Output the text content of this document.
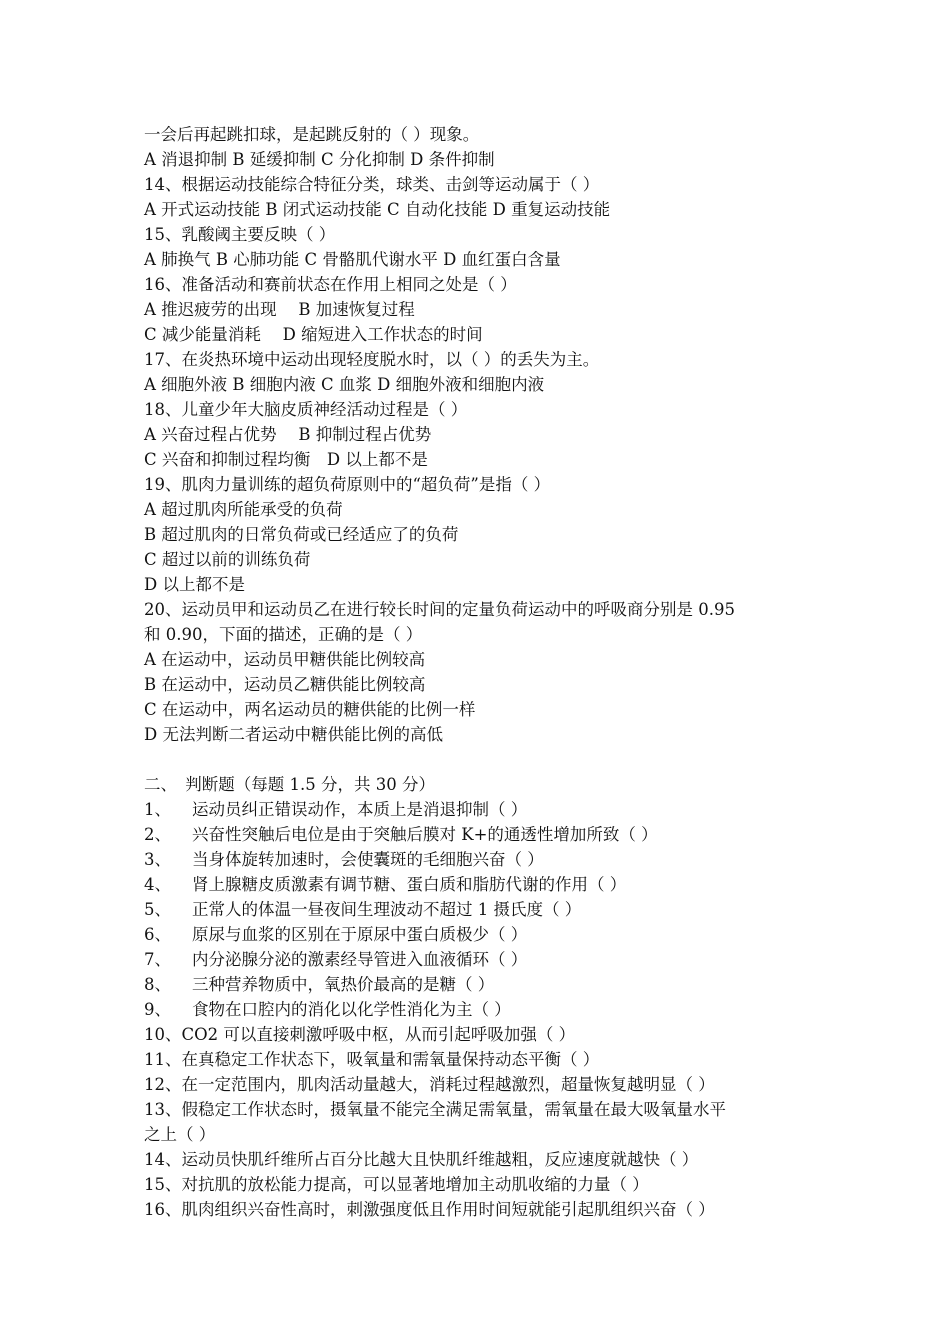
一会后再起跳扣球，是起跳反射的（ ）现象。
A 消退抑制 B 延缓抑制 C 分化抑制 D 条件抑制
14、根据运动技能综合特征分类，球类、击剑等运动属于（ ）
A 开式运动技能 B 闭式运动技能 C 自动化技能 D 重复运动技能
15、乳酸阈主要反映（ ）
A 肺换气 B 心肺功能 C 骨骼肌代谢水平 D 血红蛋白含量
16、准备活动和赛前状态在作用上相同之处是（ ）
A 推迟疲劳的出现　 B 加速恢复过程
C 减少能量消耗　 D 缩短进入工作状态的时间
17、在炎热环境中运动出现轻度脱水时，以（ ）的丢失为主。
A 细胞外液 B 细胞内液 C 血浆 D 细胞外液和细胞内液
18、儿童少年大脑皮质神经活动过程是（ ）
A 兴奋过程占优势　 B 抑制过程占优势
C 兴奋和抑制过程均衡　D 以上都不是
19、肌肉力量训练的超负荷原则中的“超负荷”是指（ ）
A 超过肌肉所能承受的负荷
B 超过肌肉的日常负荷或已经适应了的负荷
C 超过以前的训练负荷
D 以上都不是
20、运动员甲和运动员乙在进行较长时间的定量负荷运动中的呼吸商分别是 0.95
和 0.90，下面的描述，正确的是（ ）
A 在运动中，运动员甲糖供能比例较高
B 在运动中，运动员乙糖供能比例较高
C 在运动中，两名运动员的糖供能的比例一样
D 无法判断二者运动中糖供能比例的高低
二、　判断题（每题 1.5 分，共 30 分）
1、 运动员纠正错误动作，本质上是消退抑制（ ）
2、 兴奋性突触后电位是由于突触后膜对 K+的通透性增加所致（ ）
3、 当身体旋转加速时，会使囊斑的毛细胞兴奋（ ）
4、 肾上腺糖皮质激素有调节糖、蛋白质和脂肪代谢的作用（ ）
5、 正常人的体温一昼夜间生理波动不超过 1 摄氏度（ ）
6、 原尿与血浆的区别在于原尿中蛋白质极少（ ）
7、 内分泌腺分泌的激素经导管进入血液循环（ ）
8、 三种营养物质中，氧热价最高的是糖（ ）
9、 食物在口腔内的消化以化学性消化为主（ ）
10、CO2 可以直接刺激呼吸中枢，从而引起呼吸加强（ ）
11、在真稳定工作状态下，吸氧量和需氧量保持动态平衡（ ）
12、在一定范围内，肌肉活动量越大，消耗过程越激烈，超量恢复越明显（ ）
13、假稳定工作状态时，摄氧量不能完全满足需氧量，需氧量在最大吸氧量水平
之上（ ）
14、运动员快肌纤维所占百分比越大且快肌纤维越粗，反应速度就越快（ ）
15、对抗肌的放松能力提高，可以显著地增加主动肌收缩的力量（ ）
16、肌肉组织兴奋性高时，刺激强度低且作用时间短就能引起肌组织兴奋（ ）
